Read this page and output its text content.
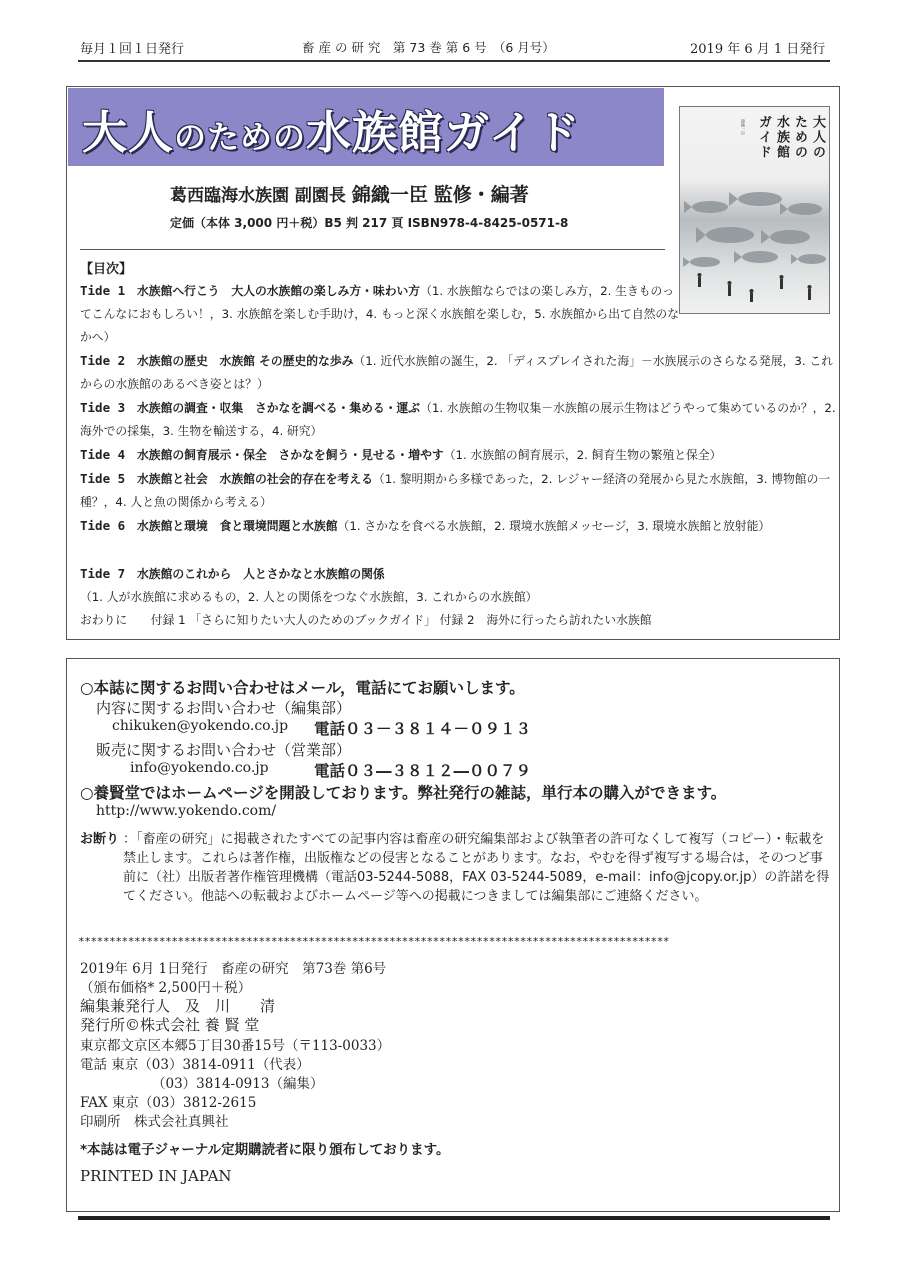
毎月１回１日発行	畜 産 の 研 究　第 73 巻 第 6 号　（6 月号）	2019 年 6 月 1 日発行
大人のための水族館ガイド
葛西臨海水族園 副園長 錦織一臣 監修・編著
定価（本体 3,000 円＋税）B5 判 217 頁 ISBN978-4-8425-0571-8
大人の
ための
水族館
ガイド
錦織一臣
【目次】
Tide 1　 水族館へ行こう　大人の水族館の楽しみ方・味わい方（1. 水族館ならではの楽しみ方，2. 生きものってこんなにおもしろい！，3. 水族館を楽しむ手助け，4. もっと深く水族館を楽しむ，5. 水族館から出て自然のなかへ）
Tide 2　 水族館の歴史　水族館 その歴史的な歩み（1. 近代水族館の誕生，2. 「ディスプレイされた海」－水族展示のさらなる発展，3. これからの水族館のあるべき姿とは？）
Tide 3　 水族館の調査・収集　さかなを調べる・集める・運ぶ（1. 水族館の生物収集－水族館の展示生物はどうやって集めているのか？，2. 海外での採集，3. 生物を輸送する，4. 研究）
Tide 4　 水族館の飼育展示・保全　さかなを飼う・見せる・増やす（1. 水族館の飼育展示，2. 飼育生物の繁殖と保全）
Tide 5　 水族館と社会　水族館の社会的存在を考える（1. 黎明期から多様であった，2. レジャー経済の発展から見た水族館，3. 博物館の一種？，4. 人と魚の関係から考える）
Tide 6　 水族館と環境　食と環境問題と水族館（1. さかなを食べる水族館，2. 環境水族館メッセージ，3. 環境水族館と放射能）
Tide 7　 水族館のこれから　人とさかなと水族館の関係（1. 人が水族館に求めるもの，2. 人との関係をつなぐ水族館，3. これからの水族館）
おわりに　　付録 1 「さらに知りたい大人のためのブックガイド」 付録 2　海外に行ったら訪れたい水族館
○本誌に関するお問い合わせはメール，電話にてお願いします。
内容に関するお問い合わせ（編集部）
chikuken@yokendo.co.jp 電話０３－３８１４－０９１３
販売に関するお問い合わせ（営業部）
info@yokendo.co.jp	電話０３―３８１２―００７９
○養賢堂ではホームページを開設しております。弊社発行の雑誌，単行本の購入ができます。
http://www.yokendo.com/
お断り ：「畜産の研究」に掲載されたすべての記事内容は畜産の研究編集部および執筆者の許可なくして複写（コピー）・転載を禁止します。これらは著作権，出版権などの侵害となることがあります。なお，やむを得ず複写する場合は，そのつど事前に（社）出版者著作権管理機構（電話03-5244-5088，FAX 03-5244-5089，e-mail：info@jcopy.or.jp）の許諾を得てください。他誌への転載およびホームページ等への掲載につきましては編集部にご連絡ください。
***********************************************************************************************
2019年 6月 1日発行　畜産の研究　第73巻 第6号
（頒布価格* 2,500円＋税）
編集兼発行人　及　川　　清
発行所©株式会社 養 賢 堂
東京都文京区本郷5丁目30番15号（〒113-0033）
電話 東京（03）3814-0911（代表）
（03）3814-0913（編集）
FAX 東京（03）3812-2615
印刷所　株式会社真興社
*本誌は電子ジャーナル定期購読者に限り頒布しております。
PRINTED IN JAPAN
